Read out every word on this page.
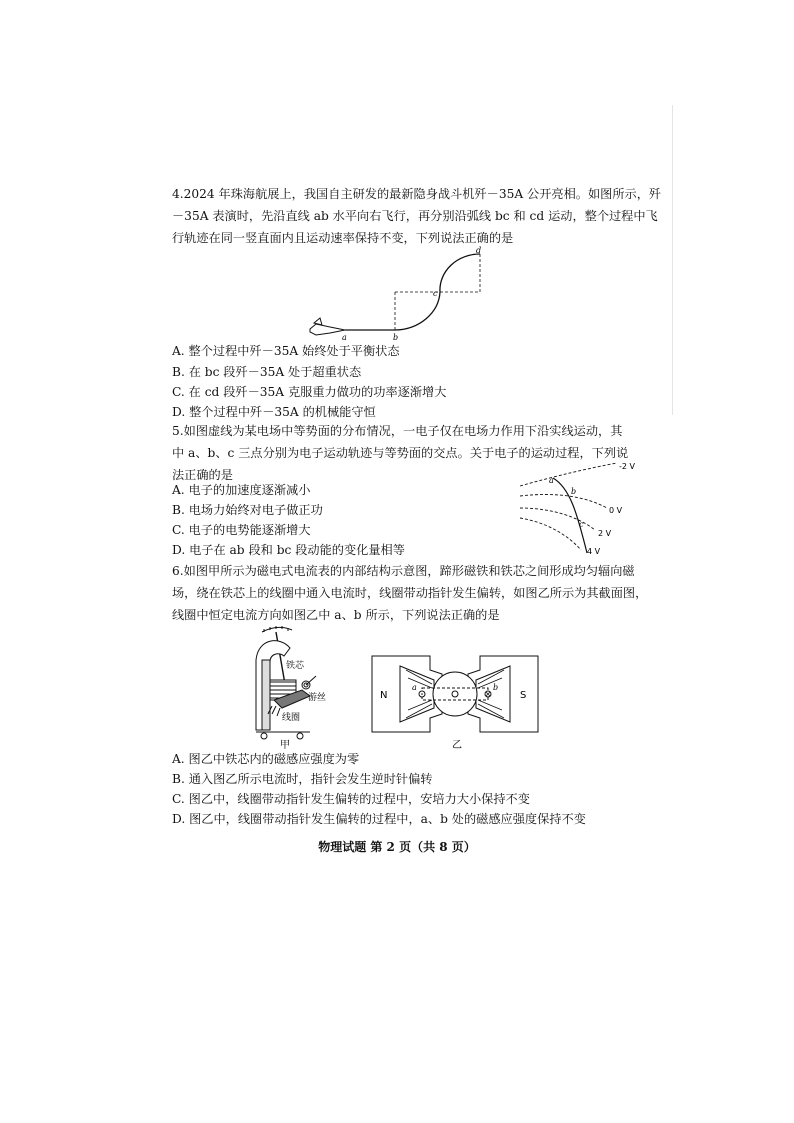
4.2024 年珠海航展上，我国自主研发的最新隐身战斗机歼－35A 公开亮相。如图所示，歼

－35A 表演时，先沿直线 ab 水平向右飞行，再分别沿弧线 bc 和 cd 运动，整个过程中飞

行轨迹在同一竖直面内且运动速率保持不变，下列说法正确的是

a	b
c
d
A. 整个过程中歼－35A 始终处于平衡状态
B. 在 bc 段歼－35A 处于超重状态
C. 在 cd 段歼－35A 克服重力做功的功率逐渐增大
D. 整个过程中歼－35A 的机械能守恒

5.如图虚线为某电场中等势面的分布情况，一电子仅在电场力作用下沿实线运动，其

中 a、b、c 三点分别为电子运动轨迹与等势面的交点。关于电子的运动过程，下列说

法正确的是

A. 电子的加速度逐渐减小
B. 电场力始终对电子做正功
C. 电子的电势能逐渐增大
D. 电子在 ab 段和 bc 段动能的变化量相等
a
b
c
-2 V
0 V
2 V
4 V

6.如图甲所示为磁电式电流表的内部结构示意图，蹄形磁铁和铁芯之间形成均匀辐向磁

场，绕在铁芯上的线圈中通入电流时，线圈带动指针发生偏转，如图乙所示为其截面图，

线圈中恒定电流方向如图乙中 a、b 所示，下列说法正确的是

铁芯
游丝
线圈
甲
N	S
a	b
乙
A. 图乙中铁芯内的磁感应强度为零
B. 通入图乙所示电流时，指针会发生逆时针偏转
C. 图乙中，线圈带动指针发生偏转的过程中，安培力大小保持不变
D. 图乙中，线圈带动指针发生偏转的过程中，a、b 处的磁感应强度保持不变
物理试题 第 2 页（共 8 页）
